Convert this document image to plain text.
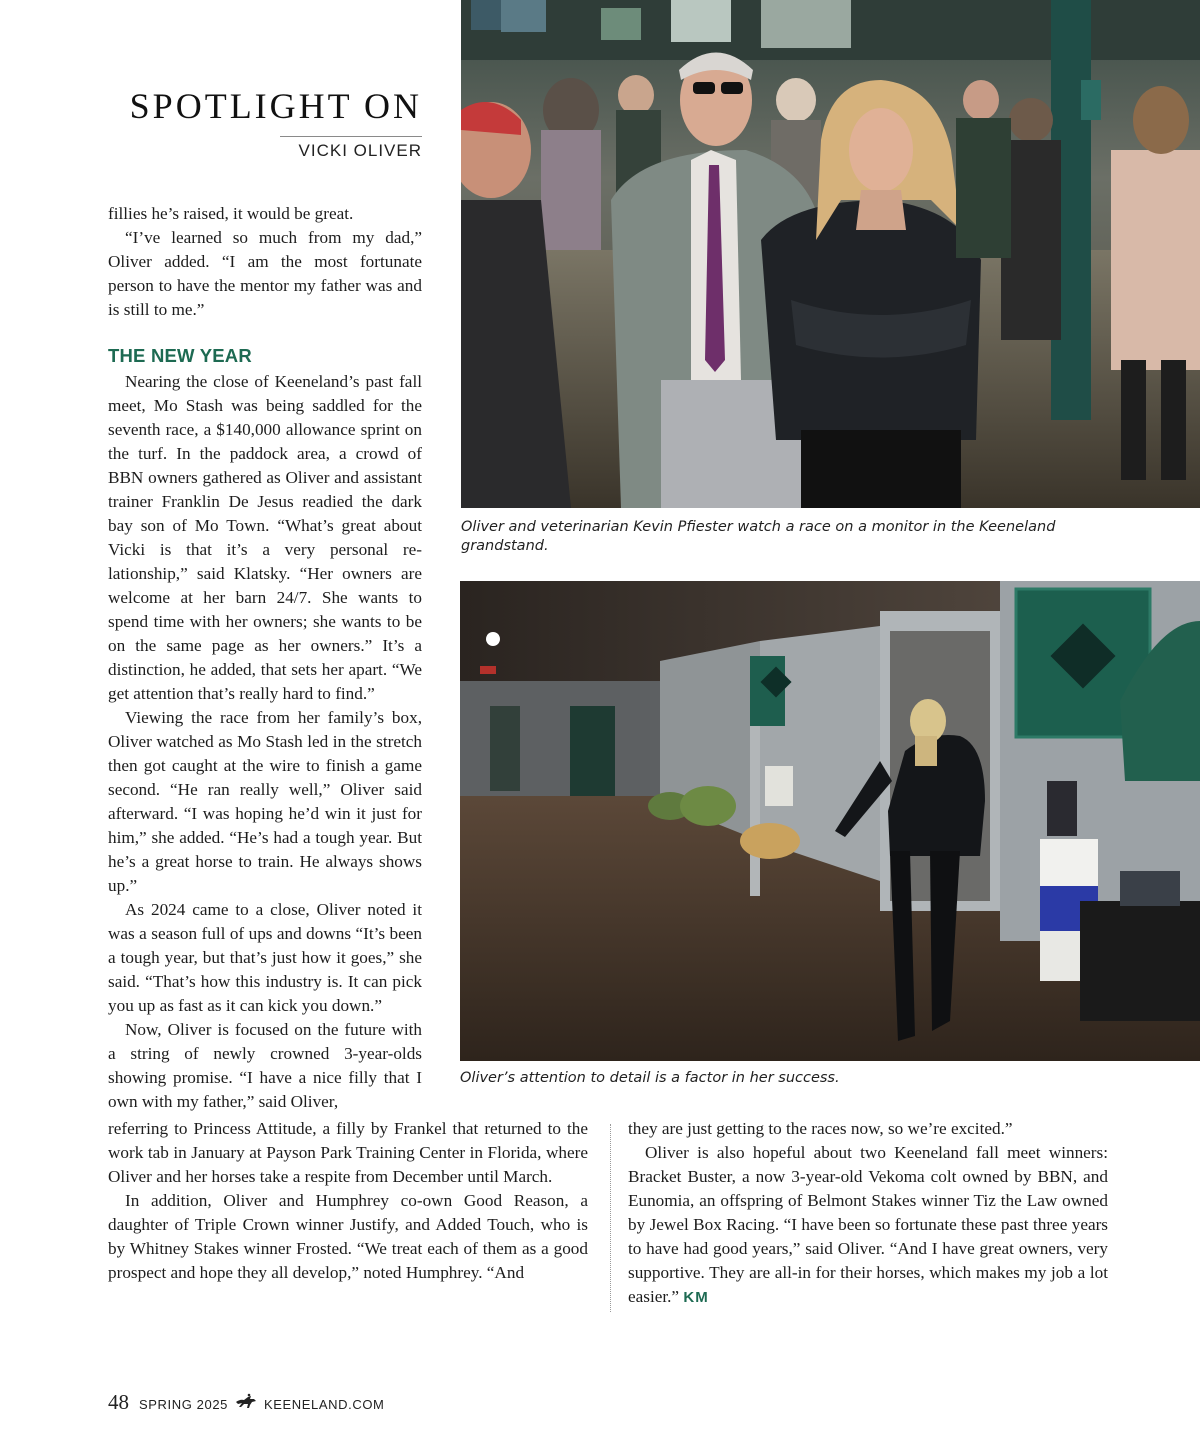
SPOTLIGHT ON
VICKI OLIVER

fillies he’s raised, it would be great.

“I’ve learned so much from my dad,” Oliver added. “I am the most fortunate person to have the mentor my father was and is still to me.”

THE NEW YEAR

Nearing the close of Keeneland’s past fall meet, Mo Stash was being saddled for the seventh race, a $140,000 allowance sprint on the turf. In the paddock area, a crowd of BBN owners gathered as Oliver and assistant trainer Franklin De Jesus readied the dark bay son of Mo Town. “What’s great about Vicki is that it’s a very personal relationship,” said Klatsky. “Her owners are welcome at her barn 24/7. She wants to spend time with her owners; she wants to be on the same page as her owners.” It’s a distinction, he added, that sets her apart. “We get attention that’s really hard to find.”

Viewing the race from her family’s box, Oliver watched as Mo Stash led in the stretch then got caught at the wire to finish a game second. “He ran really well,” Oliver said afterward. “I was hoping he’d win it just for him,” she added. “He’s had a tough year. But he’s a great horse to train. He always shows up.”

As 2024 came to a close, Oliver noted it was a season full of ups and downs “It’s been a tough year, but that’s just how it goes,” she said. “That’s how this industry is. It can pick you up as fast as it can kick you down.”

Now, Oliver is focused on the future with a string of newly crowned 3-year-olds showing promise. “I have a nice filly that I own with my father,” said Oliver,

referring to Princess Attitude, a filly by Frankel that returned to the work tab in January at Payson Park Training Center in Florida, where Oliver and her horses take a respite from December until March.

In addition, Oliver and Humphrey co-own Good Reason, a daughter of Triple Crown winner Justify, and Added Touch, who is by Whitney Stakes winner Frosted. “We treat each of them as a good prospect and hope they all develop,” noted Humphrey. “And

they are just getting to the races now, so we’re excited.”

Oliver is also hopeful about two Keeneland fall meet winners: Bracket Buster, a now 3-year-old Vekoma colt owned by BBN, and Eunomia, an offspring of Belmont Stakes winner Tiz the Law owned by Jewel Box Racing. “I have been so fortunate these past three years to have had good years,” said Oliver. “And I have great owners, very supportive. They are all-in for their horses, which makes my job a lot easier.” KM

Oliver and veterinarian Kevin Pfiester watch a race on a monitor in the Keeneland grandstand.
Oliver’s attention to detail is a factor in her success.
48 SPRING 2025	KEENELAND.COM
